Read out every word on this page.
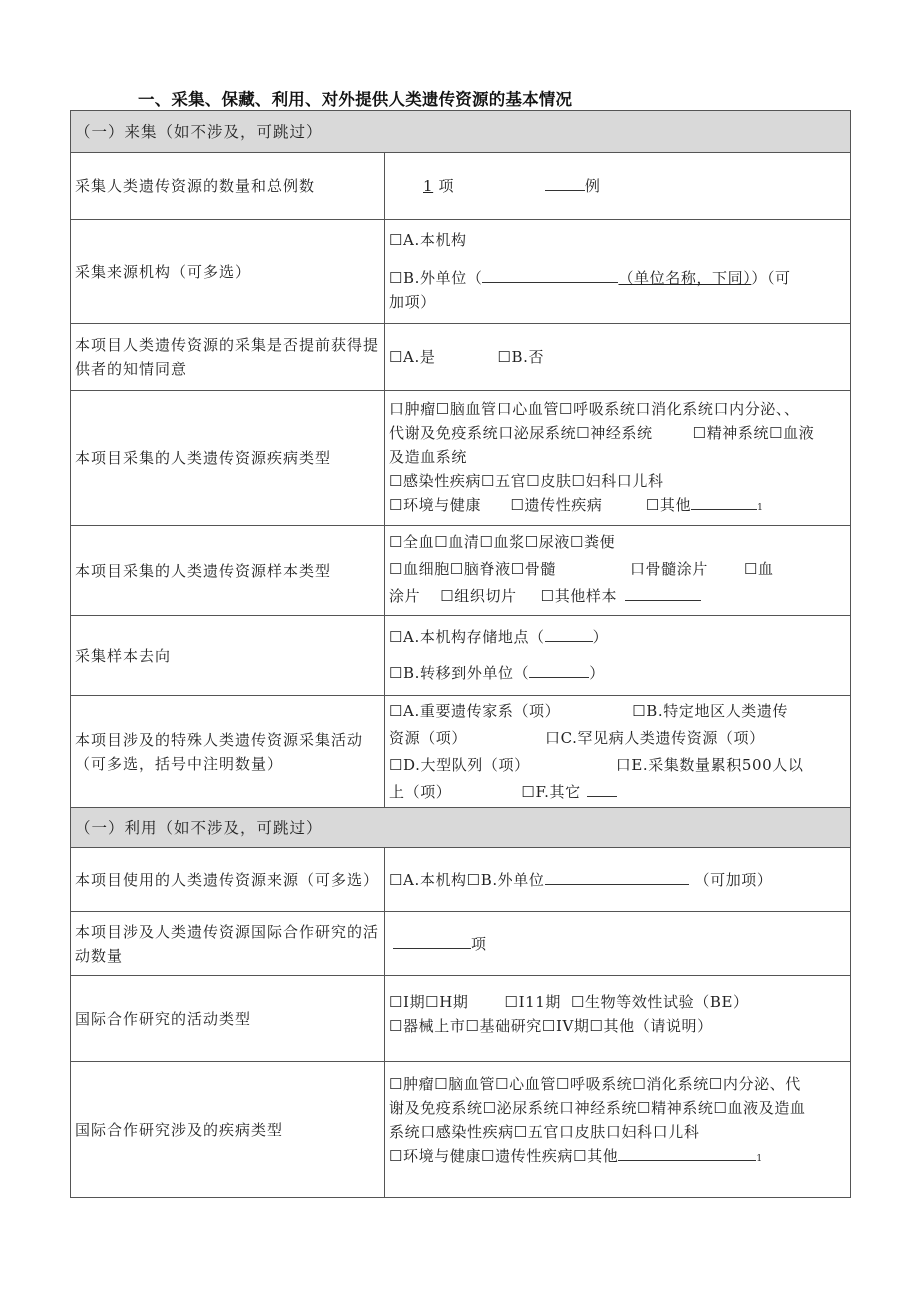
一、采集、保藏、利用、对外提供人类遗传资源的基本情况
（一）来集（如不涉及，可跳过）	
采集人类遗传资源的数量和总例数	1 项 例
采集来源机构（可多选）	☐A.本机构
☐B.外单位（ （单位名称，下同））（可
加项）

本项目人类遗传资源的采集是否提前获得提供者的知情同意	☐A.是 ☐B.否
本项目采集的人类遗传资源疾病类型	口肿瘤☐脑血管口心血管☐呼吸系统口消化系统口内分泌、、
代谢及免疫系统口泌尿系统☐神经系统 ☐精神系统☐血液
及造血系统
☐感染性疾病☐五官☐皮肤☐妇科口儿科
☐环境与健康 ☐遗传性疾病 ☐其他 1

本项目采集的人类遗传资源样本类型	☐全血☐血清☐血浆☐尿液☐粪便
☐血细胞☐脑脊液☐骨髓 口骨髓涂片 ☐血
涂片 ☐组织切片 ☐其他样本

采集样本去向	☐A.本机构存储地点（ ）
☐B.转移到外单位（ ）

本项目涉及的特殊人类遗传资源采集活动（可多选，括号中注明数量）	☐A.重要遗传家系（项） ☐B.特定地区人类遗传
资源（项） 口C.罕见病人类遗传资源（项）
☐D.大型队列（项） 口E.采集数量累积500人以
上（项） ☐F.其它

（一）利用（如不涉及，可跳过）	
本项目使用的人类遗传资源来源（可多选）	☐A.本机构☐B.外单位 （可加项）
本项目涉及人类遗传资源国际合作研究的活动数量	项
国际合作研究的活动类型	☐I期☐H期 ☐I11期 ☐生物等效性试验（BE）
☐器械上市☐基础研究☐IV期☐其他（请说明）

国际合作研究涉及的疾病类型	☐肿瘤☐脑血管☐心血管☐呼吸系统☐消化系统☐内分泌、代
谢及免疫系统☐泌尿系统口神经系统☐精神系统☐血液及造血
系统口感染性疾病☐五官口皮肤口妇科口儿科
☐环境与健康☐遗传性疾病☐其他 1
